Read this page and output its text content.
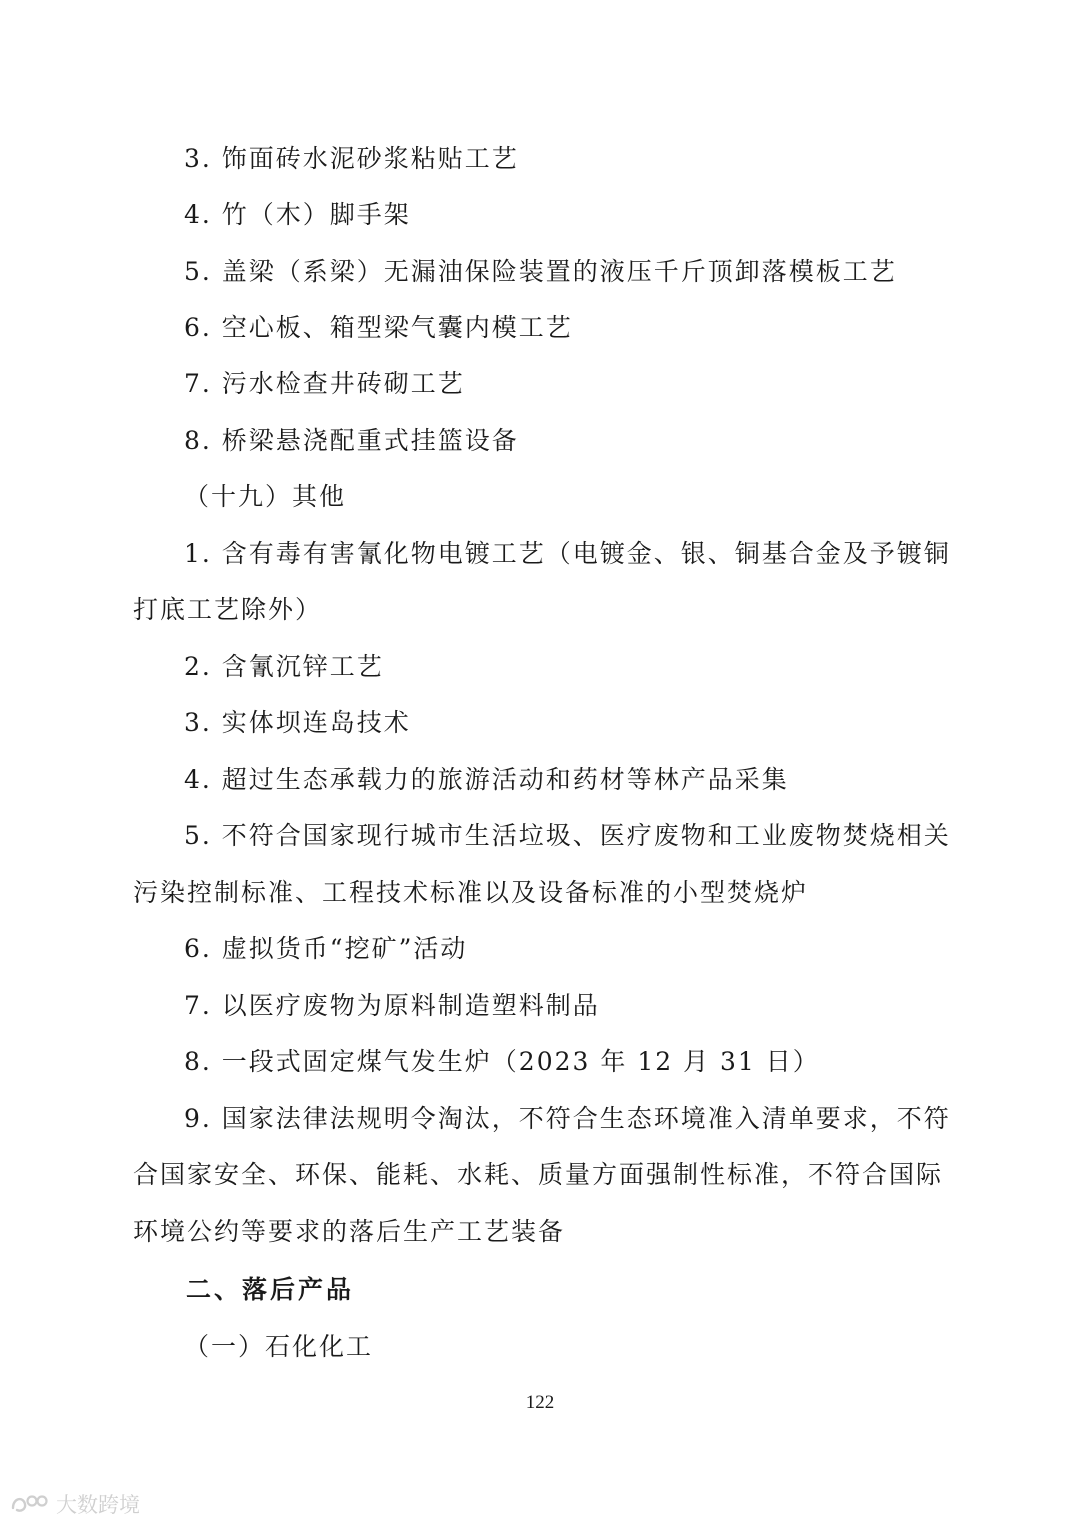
3. 饰面砖水泥砂浆粘贴工艺
4. 竹（木）脚手架
5. 盖梁（系梁）无漏油保险装置的液压千斤顶卸落模板工艺
6. 空心板、箱型梁气囊内模工艺
7. 污水检查井砖砌工艺
8. 桥梁悬浇配重式挂篮设备
（十九）其他
1. 含有毒有害氰化物电镀工艺（电镀金、银、铜基合金及予镀铜
打底工艺除外）
2. 含氰沉锌工艺
3. 实体坝连岛技术
4. 超过生态承载力的旅游活动和药材等林产品采集
5. 不符合国家现行城市生活垃圾、医疗废物和工业废物焚烧相关
污染控制标准、工程技术标准以及设备标准的小型焚烧炉
6. 虚拟货币“挖矿”活动
7. 以医疗废物为原料制造塑料制品
8. 一段式固定煤气发生炉（2023 年 12 月 31 日）
9. 国家法律法规明令淘汰，不符合生态环境准入清单要求，不符
合国家安全、环保、能耗、水耗、质量方面强制性标准，不符合国际
环境公约等要求的落后生产工艺装备
二、落后产品
（一）石化化工
122
大数跨境
